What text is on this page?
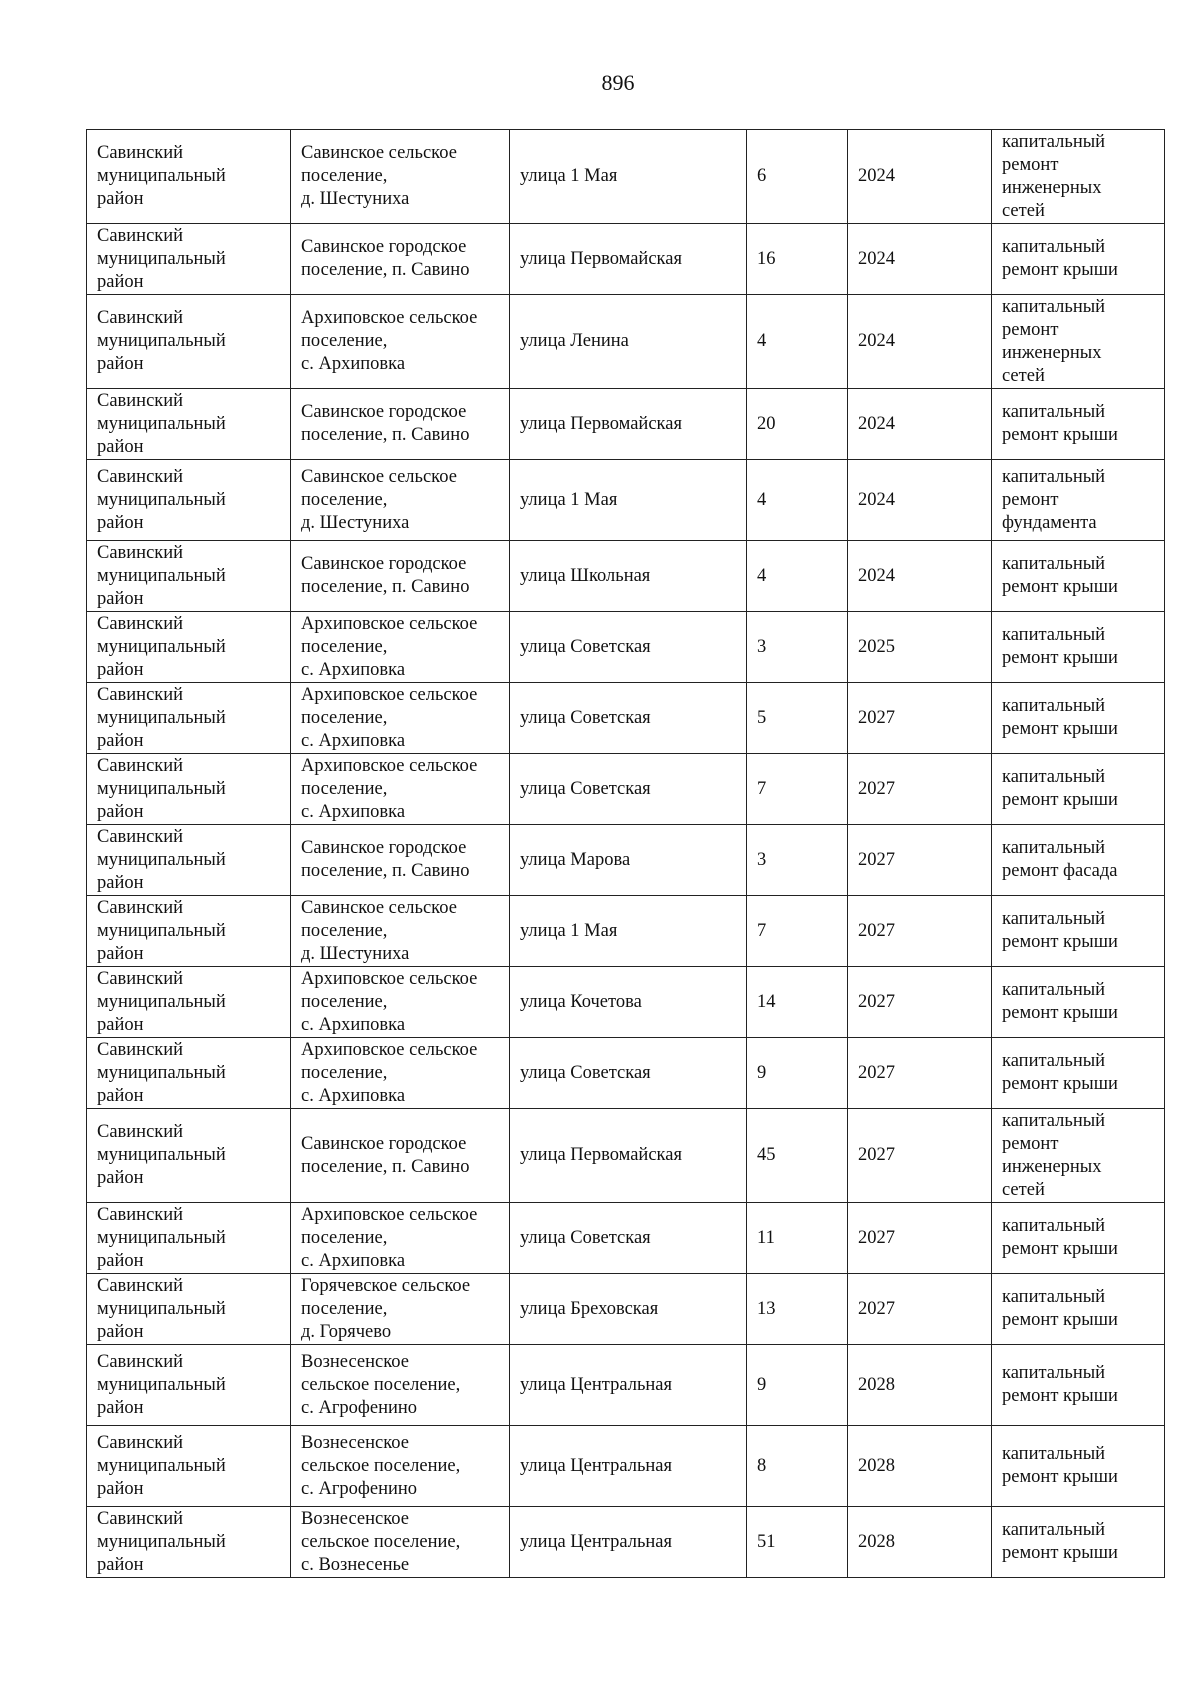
896
Савинский
муниципальный
район	Савинское сельское
поселение,
д. Шестуниха	улица 1 Мая	6	2024	капитальный
ремонт
инженерных
сетей
Савинский
муниципальный
район	Савинское городское
поселение, п. Савино	улица Первомайская	16	2024	капитальный
ремонт крыши
Савинский
муниципальный
район	Архиповское сельское
поселение,
с. Архиповка	улица Ленина	4	2024	капитальный
ремонт
инженерных
сетей
Савинский
муниципальный
район	Савинское городское
поселение, п. Савино	улица Первомайская	20	2024	капитальный
ремонт крыши
Савинский
муниципальный
район	Савинское сельское
поселение,
д. Шестуниха	улица 1 Мая	4	2024	капитальный
ремонт
фундамента
Савинский
муниципальный
район	Савинское городское
поселение, п. Савино	улица Школьная	4	2024	капитальный
ремонт крыши
Савинский
муниципальный
район	Архиповское сельское
поселение,
с. Архиповка	улица Советская	3	2025	капитальный
ремонт крыши
Савинский
муниципальный
район	Архиповское сельское
поселение,
с. Архиповка	улица Советская	5	2027	капитальный
ремонт крыши
Савинский
муниципальный
район	Архиповское сельское
поселение,
с. Архиповка	улица Советская	7	2027	капитальный
ремонт крыши
Савинский
муниципальный
район	Савинское городское
поселение, п. Савино	улица Марова	3	2027	капитальный
ремонт фасада
Савинский
муниципальный
район	Савинское сельское
поселение,
д. Шестуниха	улица 1 Мая	7	2027	капитальный
ремонт крыши
Савинский
муниципальный
район	Архиповское сельское
поселение,
с. Архиповка	улица Кочетова	14	2027	капитальный
ремонт крыши
Савинский
муниципальный
район	Архиповское сельское
поселение,
с. Архиповка	улица Советская	9	2027	капитальный
ремонт крыши
Савинский
муниципальный
район	Савинское городское
поселение, п. Савино	улица Первомайская	45	2027	капитальный
ремонт
инженерных
сетей
Савинский
муниципальный
район	Архиповское сельское
поселение,
с. Архиповка	улица Советская	11	2027	капитальный
ремонт крыши
Савинский
муниципальный
район	Горячевское сельское
поселение,
д. Горячево	улица Бреховская	13	2027	капитальный
ремонт крыши
Савинский
муниципальный
район	Вознесенское
сельское поселение,
с. Агрофенино	улица Центральная	9	2028	капитальный
ремонт крыши
Савинский
муниципальный
район	Вознесенское
сельское поселение,
с. Агрофенино	улица Центральная	8	2028	капитальный
ремонт крыши
Савинский
муниципальный
район	Вознесенское
сельское поселение,
с. Вознесенье	улица Центральная	51	2028	капитальный
ремонт крыши
